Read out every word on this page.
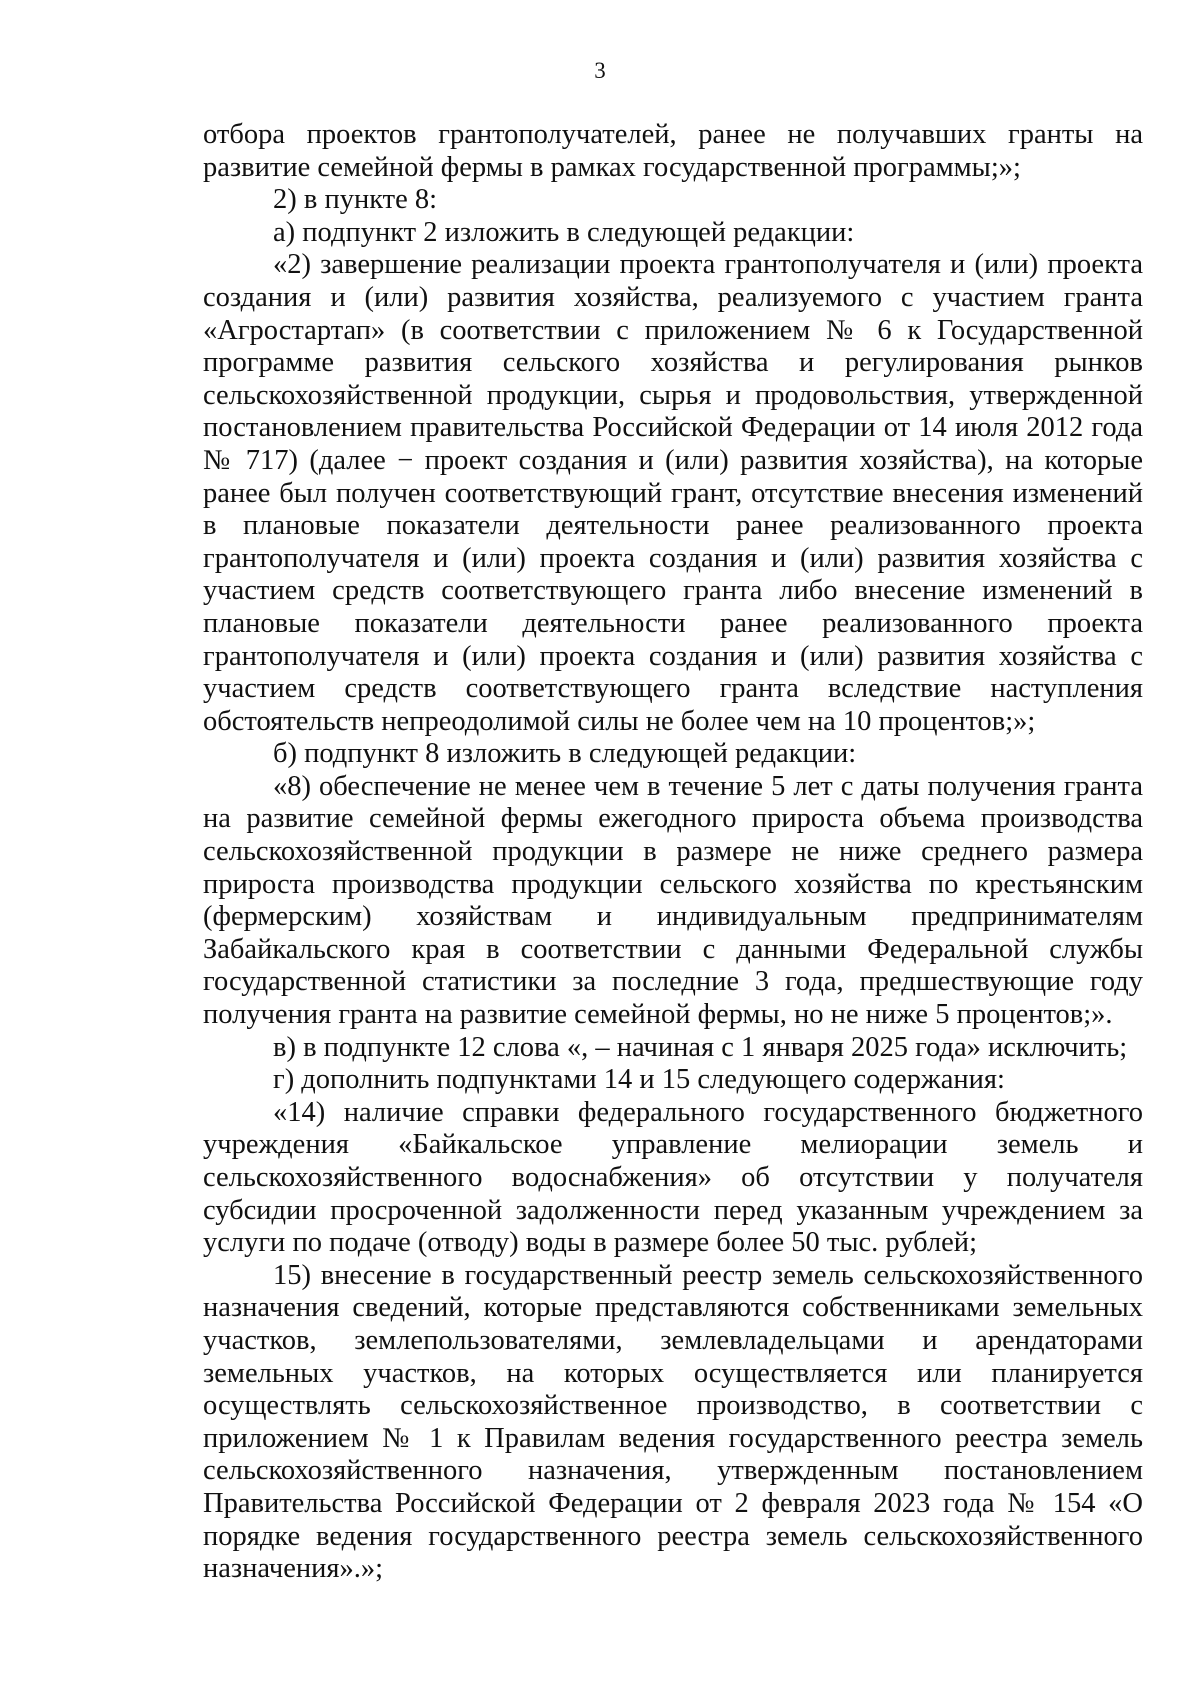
3

отбора проектов грантополучателей, ранее не получавших гранты на развитие семейной фермы в рамках государственной программы;»;

2) в пункте 8:

а) подпункт 2 изложить в следующей редакции:

«2) завершение реализации проекта грантополучателя и (или) проекта создания и (или) развития хозяйства, реализуемого с участием гранта «Агростартап» (в соответствии с приложением № 6 к Государственной программе развития сельского хозяйства и регулирования рынков сельскохозяйственной продукции, сырья и продовольствия, утвержденной постановлением правительства Российской Федерации от 14 июля 2012 года № 717) (далее − проект создания и (или) развития хозяйства), на которые ранее был получен соответствующий грант, отсутствие внесения изменений в плановые показатели деятельности ранее реализованного проекта грантополучателя и (или) проекта создания и (или) развития хозяйства с участием средств соответствующего гранта либо внесение изменений в плановые показатели деятельности ранее реализованного проекта грантополучателя и (или) проекта создания и (или) развития хозяйства с участием средств соответствующего гранта вследствие наступления обстоятельств непреодолимой силы не более чем на 10 процентов;»;

б) подпункт 8 изложить в следующей редакции:

«8) обеспечение не менее чем в течение 5 лет с даты получения гранта на развитие семейной фермы ежегодного прироста объема производства сельскохозяйственной продукции в размере не ниже среднего размера прироста производства продукции сельского хозяйства по крестьянским (фермерским) хозяйствам и индивидуальным предпринимателям Забайкальского края в соответствии с данными Федеральной службы государственной статистики за последние 3 года, предшествующие году получения гранта на развитие семейной фермы, но не ниже 5 процентов;».

в) в подпункте 12 слова «, – начиная с 1 января 2025 года» исключить;

г) дополнить подпунктами 14 и 15 следующего содержания:

«14) наличие справки федерального государственного бюджетного учреждения «Байкальское управление мелиорации земель и сельскохозяйственного водоснабжения» об отсутствии у получателя субсидии просроченной задолженности перед указанным учреждением за услуги по подаче (отводу) воды в размере более 50 тыс. рублей;

15) внесение в государственный реестр земель сельскохозяйственного назначения сведений, которые представляются собственниками земельных участков, землепользователями, землевладельцами и арендаторами земельных участков, на которых осуществляется или планируется осуществлять сельскохозяйственное производство, в соответствии с приложением № 1 к Правилам ведения государственного реестра земель сельскохозяйственного назначения, утвержденным постановлением Правительства Российской Федерации от 2 февраля 2023 года № 154 «О порядке ведения государственного реестра земель сельскохозяйственного назначения».»;
